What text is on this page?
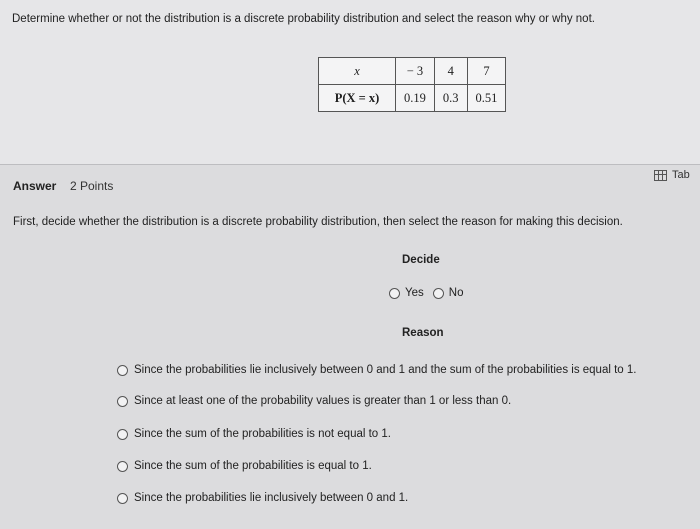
Determine whether or not the distribution is a discrete probability distribution and select the reason why or why not.
x	− 3	4	7
P(X = x)	0.19	0.3	0.51
Answer 2 Points
Tab
First, decide whether the distribution is a discrete probability distribution, then select the reason for making this decision.
Decide
Yes No
Reason
Since the probabilities lie inclusively between 0 and 1 and the sum of the probabilities is equal to 1.
Since at least one of the probability values is greater than 1 or less than 0.
Since the sum of the probabilities is not equal to 1.
Since the sum of the probabilities is equal to 1.
Since the probabilities lie inclusively between 0 and 1.
